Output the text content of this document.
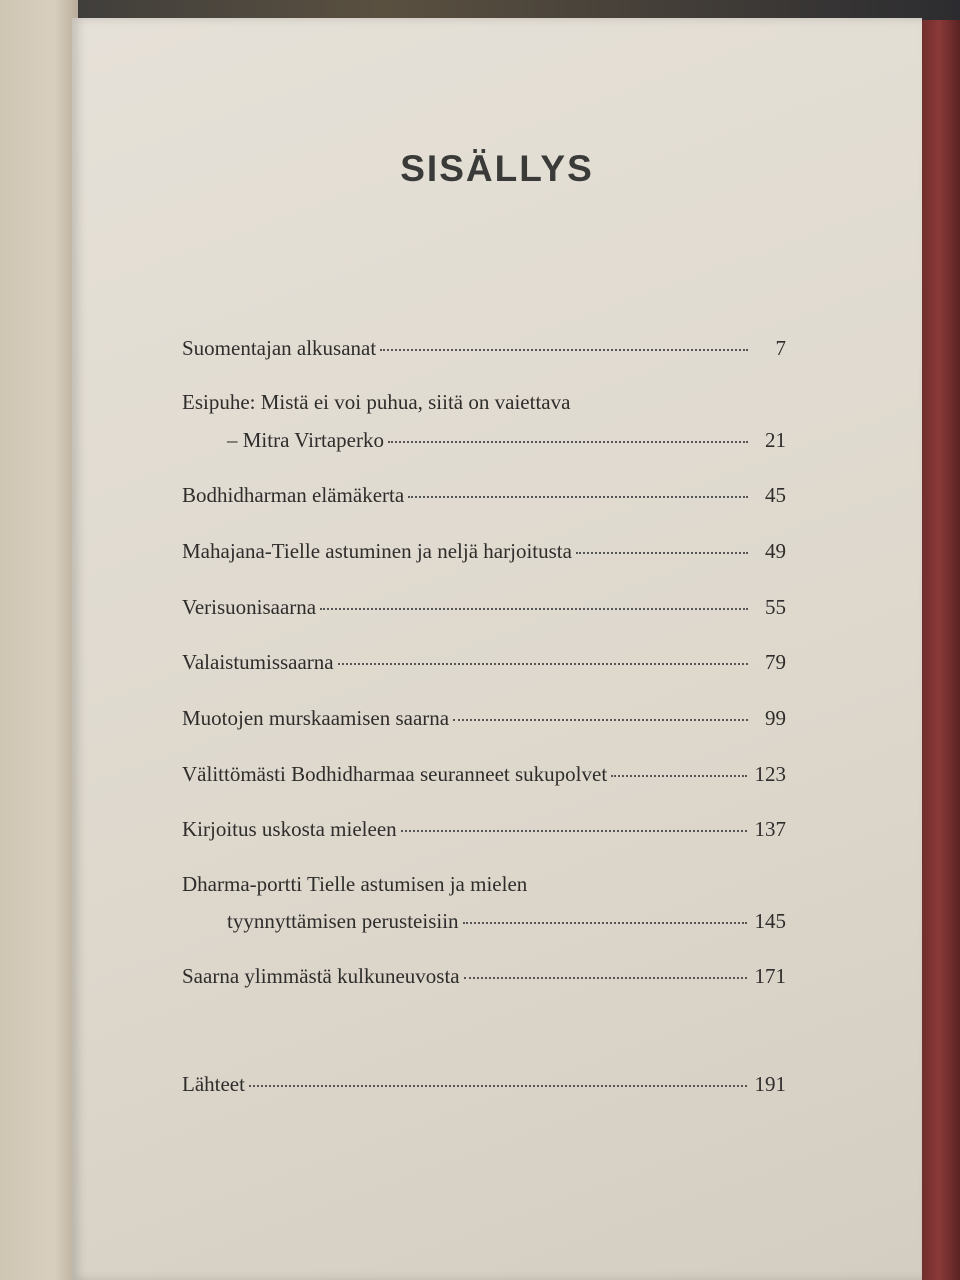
SISÄLLYS
Suomentajan alkusanat	7
Esipuhe: Mistä ei voi puhua, siitä on vaiettava
– Mitra Virtaperko	21
Bodhidharman elämäkerta	45
Mahajana-Tielle astuminen ja neljä harjoitusta	49
Verisuonisaarna	55
Valaistumissaarna	79
Muotojen murskaamisen saarna	99
Välittömästi Bodhidharmaa seuranneet sukupolvet	123
Kirjoitus uskosta mieleen	137
Dharma-portti Tielle astumisen ja mielen
tyynnyttämisen perusteisiin	145
Saarna ylimmästä kulkuneuvosta	171
Lähteet	191
